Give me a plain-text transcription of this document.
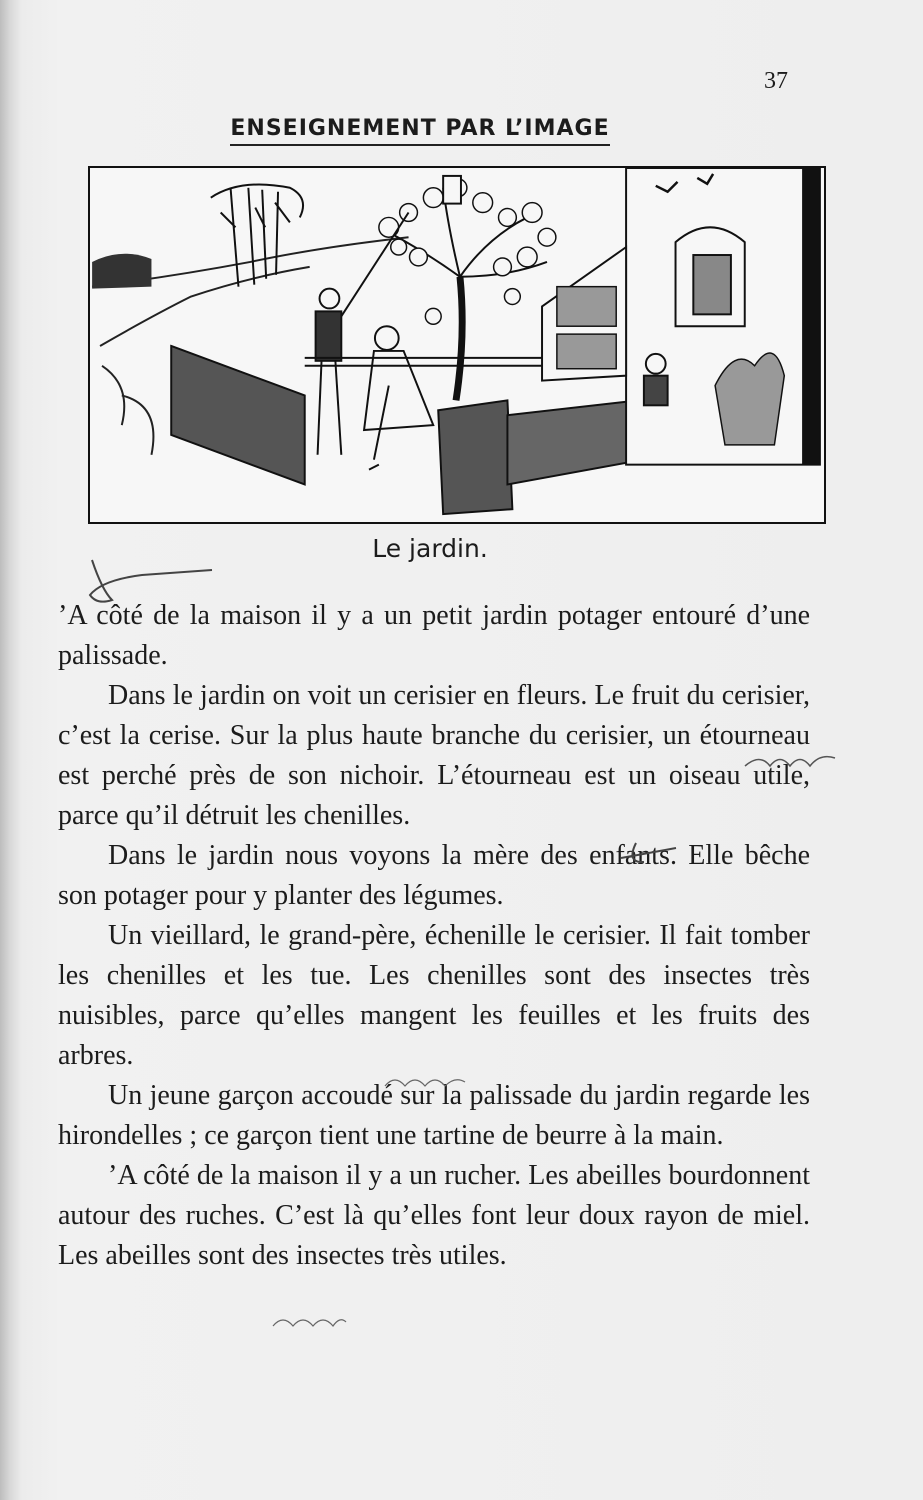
37
ENSEIGNEMENT PAR L’IMAGE
Le jardin.

’A côté de la maison il y a un petit jardin potager entouré d’une palissade.

Dans le jardin on voit un cerisier en fleurs. Le fruit du cerisier, c’est la cerise. Sur la plus haute branche du cerisier, un étourneau est perché près de son nichoir. L’étourneau est un oiseau utile, parce qu’il détruit les chenilles.

Dans le jardin nous voyons la mère des enfants. Elle bêche son potager pour y planter des légumes.

Un vieillard, le grand-père, échenille le cerisier. Il fait tomber les chenilles et les tue. Les chenilles sont des insectes très nuisibles, parce qu’elles mangent les feuilles et les fruits des arbres.

Un jeune garçon accoudé sur la palissade du jardin regarde les hirondelles ; ce garçon tient une tartine de beurre à la main.

’A côté de la maison il y a un rucher. Les abeilles bourdonnent autour des ruches. C’est là qu’elles font leur doux rayon de miel. Les abeilles sont des insectes très utiles.
